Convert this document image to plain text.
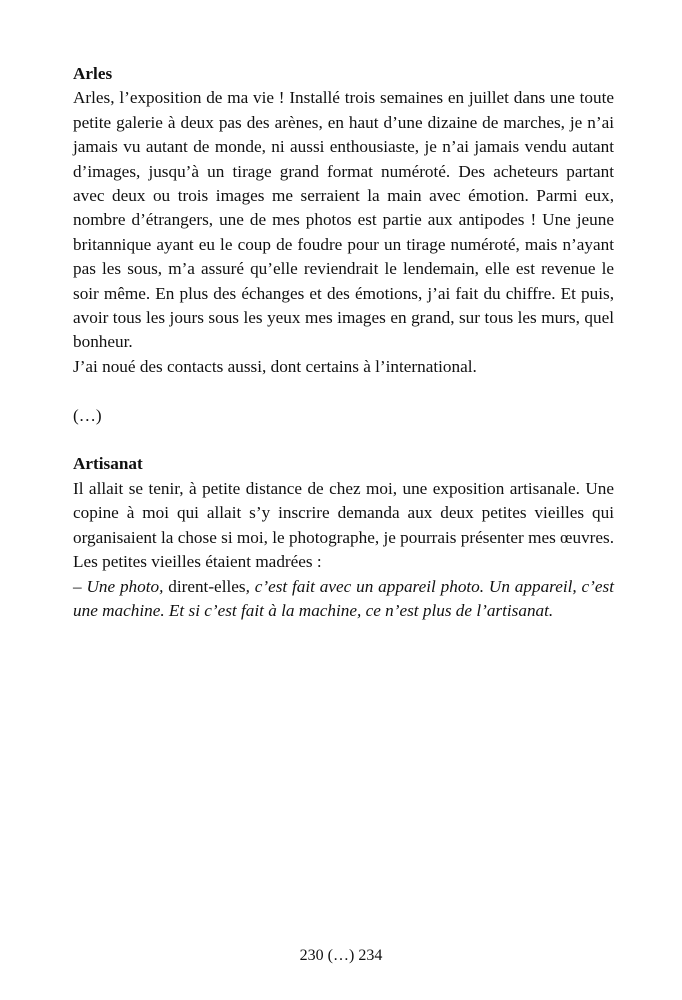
Arles

Arles, l’exposition de ma vie ! Installé trois semaines en juillet dans une toute petite galerie à deux pas des arènes, en haut d’une dizaine de marches, je n’ai jamais vu autant de monde, ni aussi enthousiaste, je n’ai jamais vendu autant d’images, jusqu’à un tirage grand format numéroté. Des acheteurs partant avec deux ou trois images me serraient la main avec émotion. Parmi eux, nombre d’étrangers, une de mes photos est partie aux antipodes ! Une jeune britannique ayant eu le coup de foudre pour un tirage numéroté, mais n’ayant pas les sous, m’a assuré qu’elle reviendrait le lendemain, elle est revenue le soir même. En plus des échanges et des émotions, j’ai fait du chiffre. Et puis, avoir tous les jours sous les yeux mes images en grand, sur tous les murs, quel bonheur.

J’ai noué des contacts aussi, dont certains à l’international.

(…)

Artisanat

Il allait se tenir, à petite distance de chez moi, une exposition artisanale. Une copine à moi qui allait s’y inscrire demanda aux deux petites vieilles qui organisaient la chose si moi, le photographe, je pourrais présenter mes œuvres. Les petites vieilles étaient madrées :

– Une photo, dirent-elles, c’est fait avec un appareil photo. Un appareil, c’est une machine. Et si c’est fait à la machine, ce n’est plus de l’artisanat.

230 (…) 234
